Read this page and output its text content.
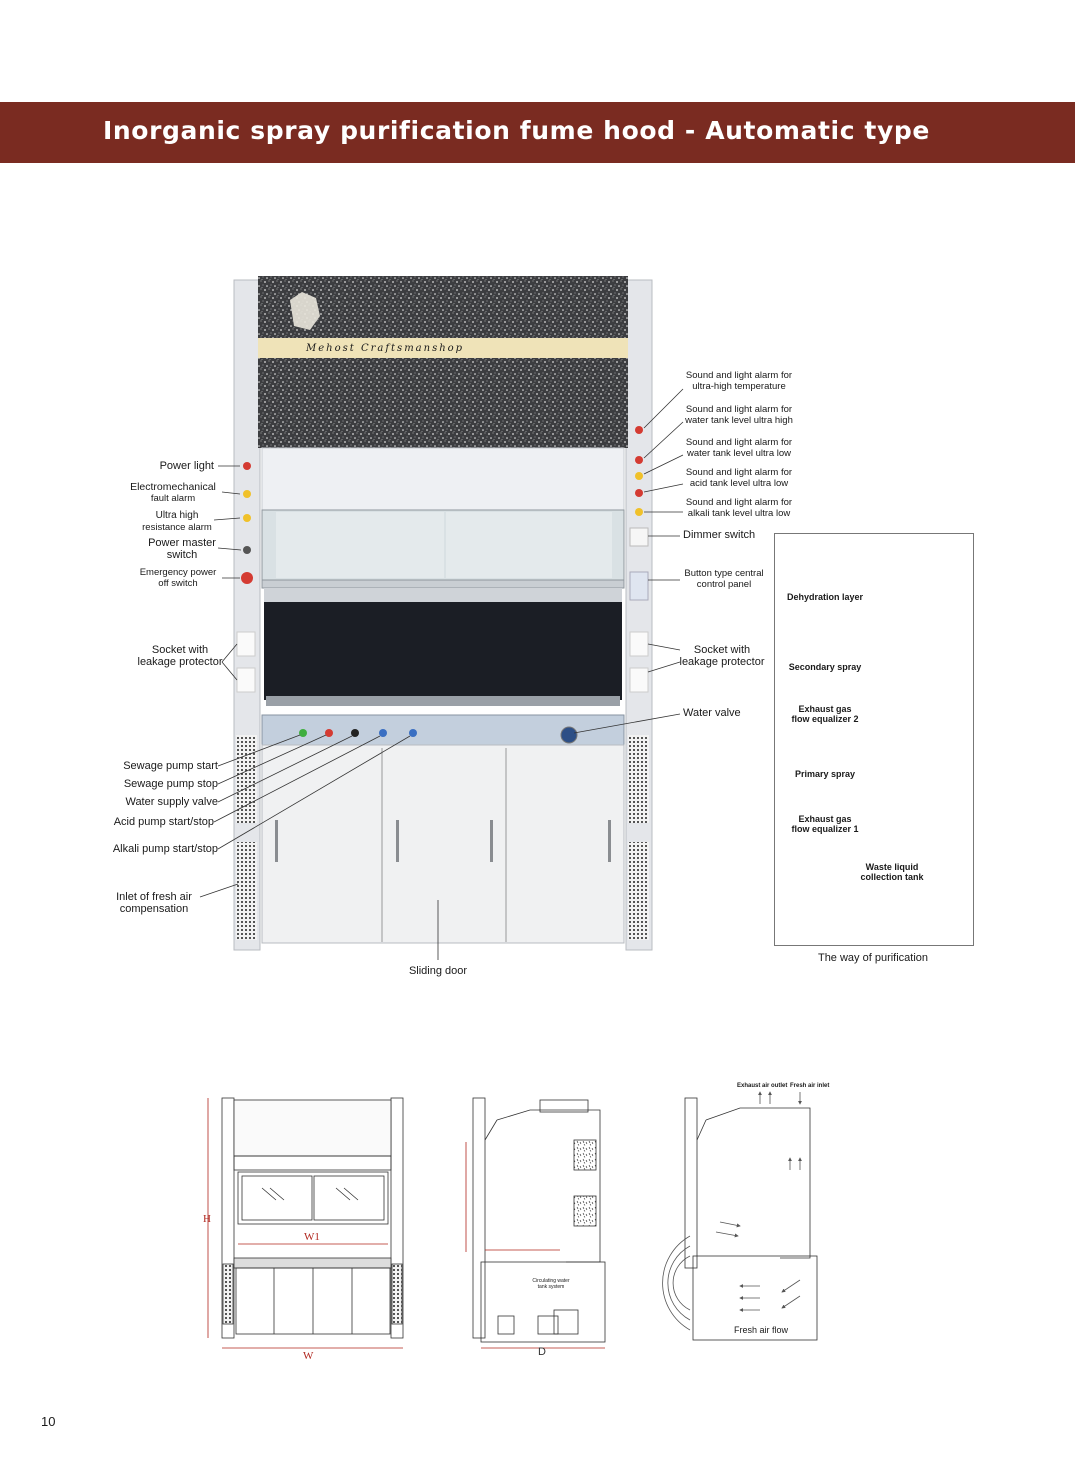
Inorganic spray purification fume hood - Automatic type
Mehost Craftsmanshop
Power light
Electromechanical
fault alarm
Ultra high
resistance alarm
Power master
switch
Emergency power
off switch
Socket with
leakage protector
Sewage pump start
Sewage pump stop
Water supply valve
Acid pump start/stop
Alkali pump start/stop
Inlet of fresh air
compensation
Sliding door
Sound and light alarm for
ultra-high temperature
Sound and light alarm for
water tank level ultra high
Sound and light alarm for
water tank level ultra low
Sound and light alarm for
acid tank level ultra low
Sound and light alarm for
alkali tank level ultra low
Dimmer switch
Button type central
control panel
Socket with
leakage protector
Water valve
Dehydration layer
Secondary spray
Exhaust gas
flow equalizer 2
Primary spray
Exhaust gas
flow equalizer 1
Waste liquid
collection tank
The way of purification
H
W1
W	D
Circulating water
tank system
Exhaust air outlet Fresh air inlet
Fresh air flow
10
